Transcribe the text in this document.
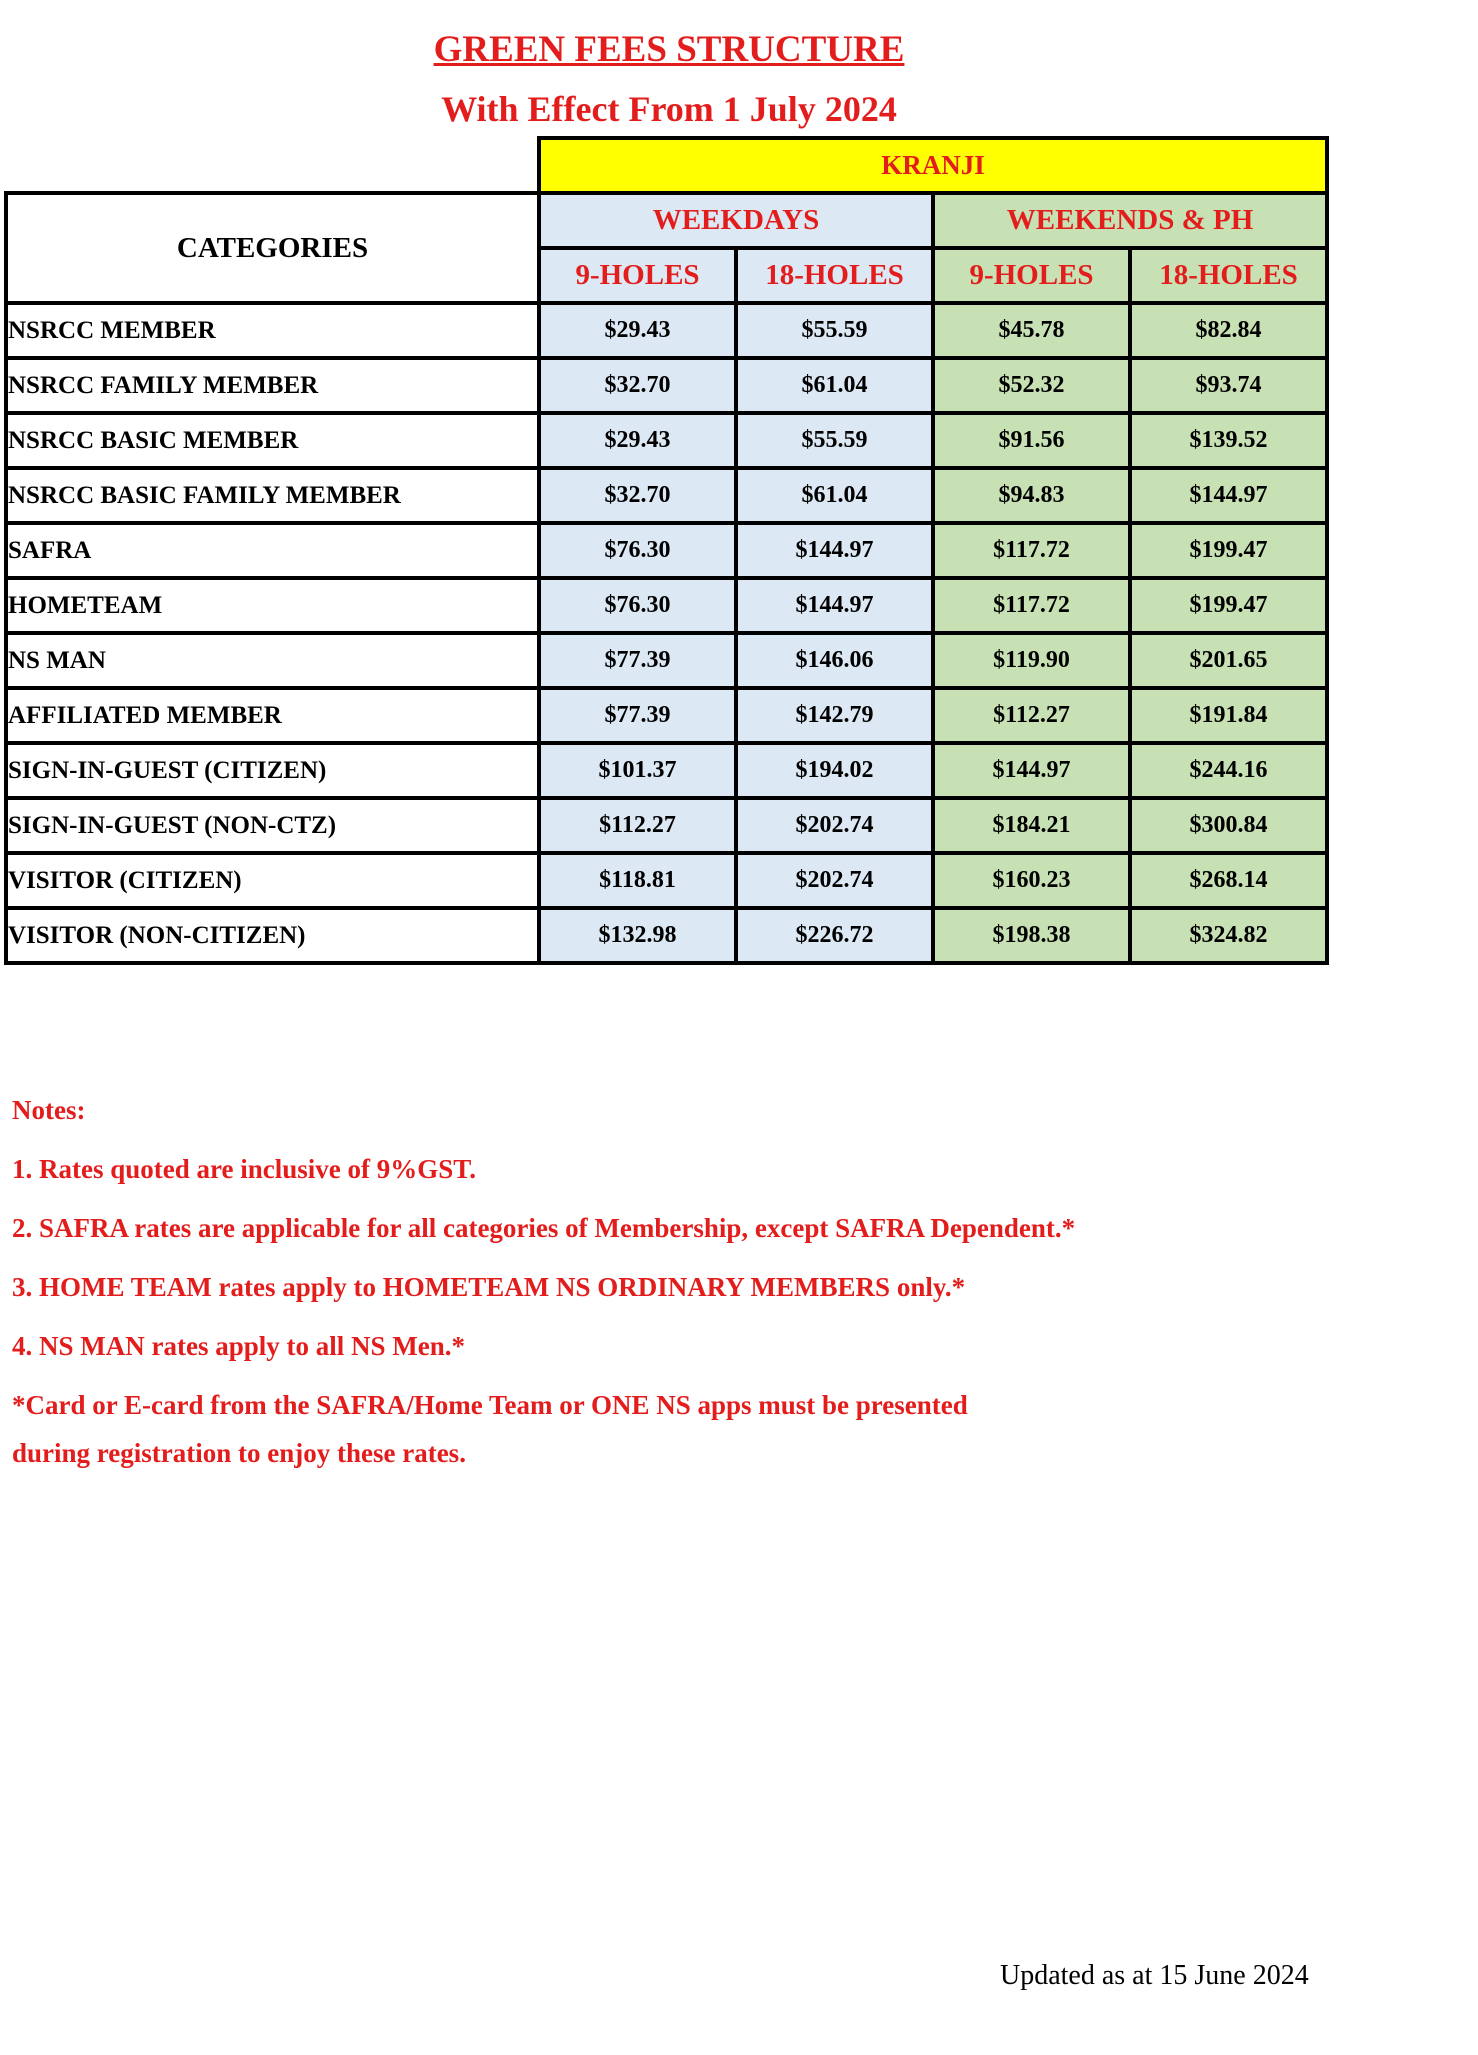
GREEN FEES STRUCTURE
With Effect From 1 July 2024
	KRANJI			
CATEGORIES	WEEKDAYS		WEEKENDS & PH	
	9-HOLES	18-HOLES	9-HOLES	18-HOLES
NSRCC MEMBER	$29.43	$55.59	$45.78	$82.84
NSRCC FAMILY MEMBER	$32.70	$61.04	$52.32	$93.74
NSRCC BASIC MEMBER	$29.43	$55.59	$91.56	$139.52
NSRCC BASIC FAMILY MEMBER	$32.70	$61.04	$94.83	$144.97
SAFRA	$76.30	$144.97	$117.72	$199.47
HOMETEAM	$76.30	$144.97	$117.72	$199.47
NS MAN	$77.39	$146.06	$119.90	$201.65
AFFILIATED MEMBER	$77.39	$142.79	$112.27	$191.84
SIGN-IN-GUEST (CITIZEN)	$101.37	$194.02	$144.97	$244.16
SIGN-IN-GUEST (NON-CTZ)	$112.27	$202.74	$184.21	$300.84
VISITOR (CITIZEN)	$118.81	$202.74	$160.23	$268.14
VISITOR (NON-CITIZEN)	$132.98	$226.72	$198.38	$324.82
Notes:
1. Rates quoted are inclusive of 9%GST.
2. SAFRA rates are applicable for all categories of Membership, except SAFRA Dependent.*
3. HOME TEAM rates apply to HOMETEAM NS ORDINARY MEMBERS only.*
4. NS MAN rates apply to all NS Men.*
*Card or E-card from the SAFRA/Home Team or ONE NS apps must be presented
during registration to enjoy these rates.
Updated as at 15 June 2024
